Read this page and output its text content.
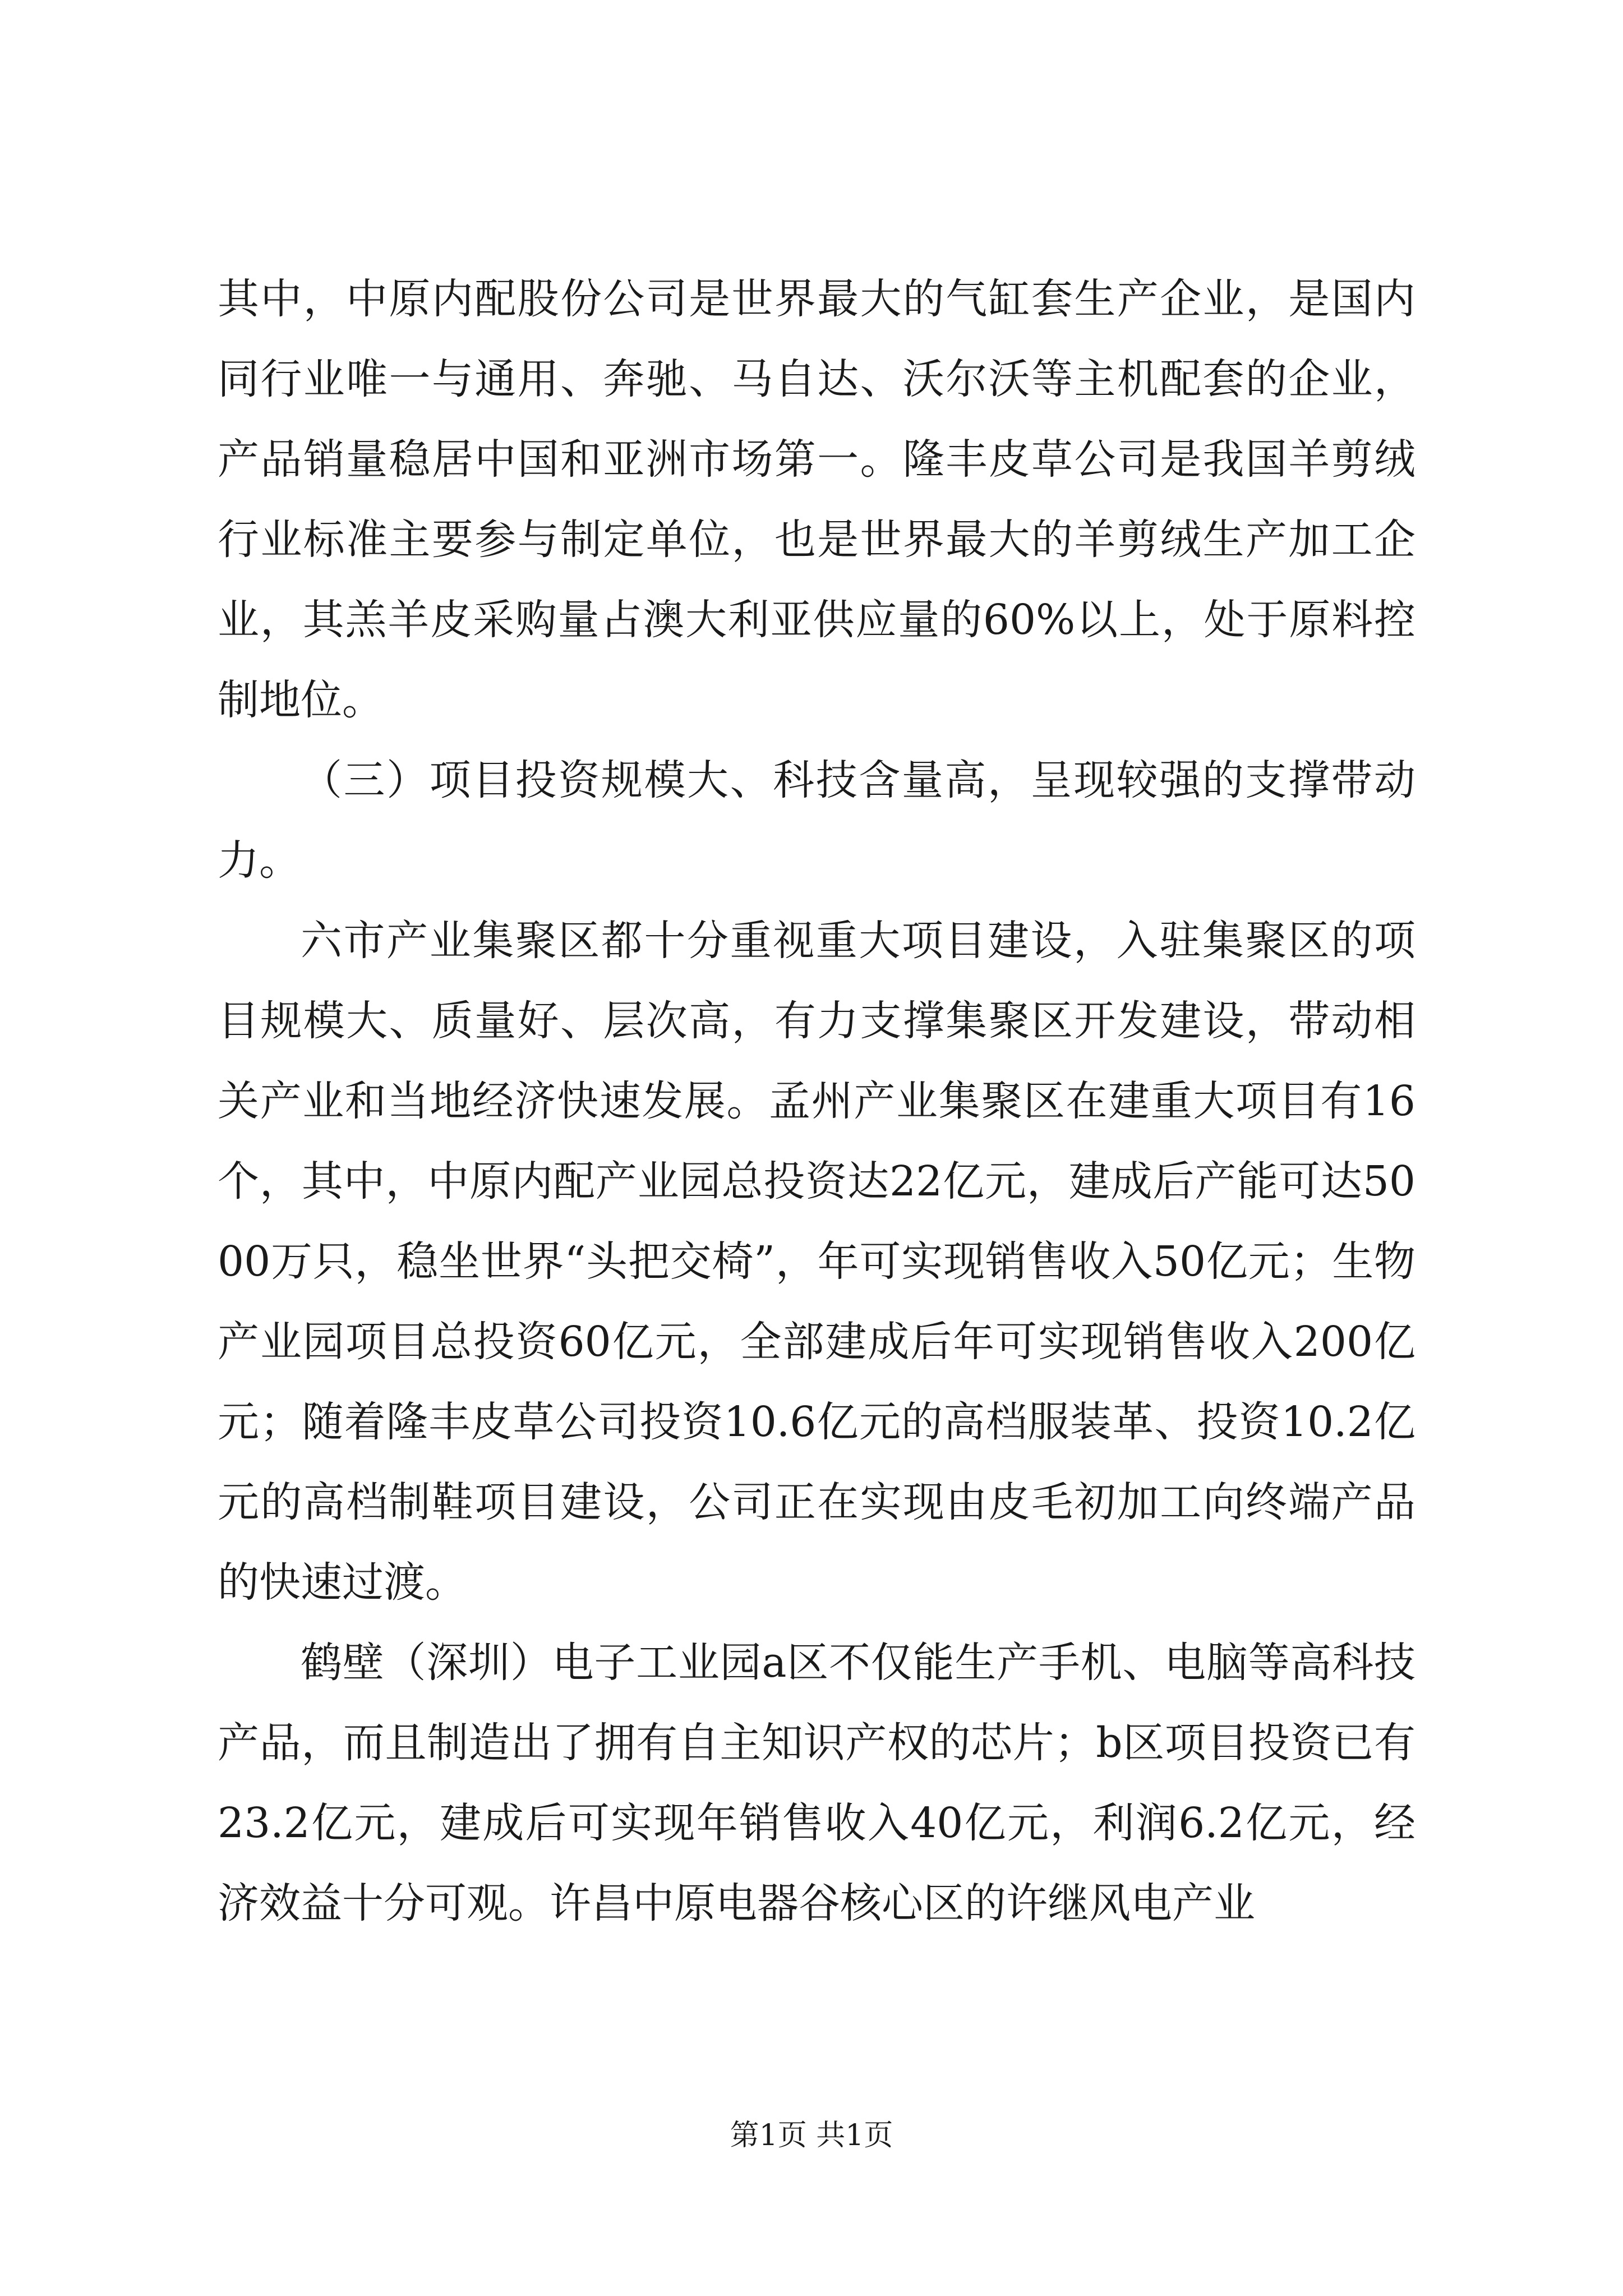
其中，中原内配股份公司是世界最大的气缸套生产企业，是国内同行业唯一与通用、奔驰、马自达、沃尔沃等主机配套的企业，产品销量稳居中国和亚洲市场第一。隆丰皮草公司是我国羊剪绒行业标准主要参与制定单位，也是世界最大的羊剪绒生产加工企业，其羔羊皮采购量占澳大利亚供应量的60%以上，处于原料控制地位。

（三）项目投资规模大、科技含量高，呈现较强的支撑带动力。

六市产业集聚区都十分重视重大项目建设，入驻集聚区的项目规模大、质量好、层次高，有力支撑集聚区开发建设，带动相关产业和当地经济快速发展。孟州产业集聚区在建重大项目有16个，其中，中原内配产业园总投资达22亿元，建成后产能可达5000万只，稳坐世界“头把交椅”，年可实现销售收入50亿元；生物产业园项目总投资60亿元，全部建成后年可实现销售收入200亿元；随着隆丰皮草公司投资10.6亿元的高档服装革、投资10.2亿元的高档制鞋项目建设，公司正在实现由皮毛初加工向终端产品的快速过渡。

鹤壁（深圳）电子工业园a区不仅能生产手机、电脑等高科技产品，而且制造出了拥有自主知识产权的芯片；b区项目投资已有23.2亿元，建成后可实现年销售收入40亿元，利润6.2亿元，经济效益十分可观。许昌中原电器谷核心区的许继风电产业

第1页 共1页
